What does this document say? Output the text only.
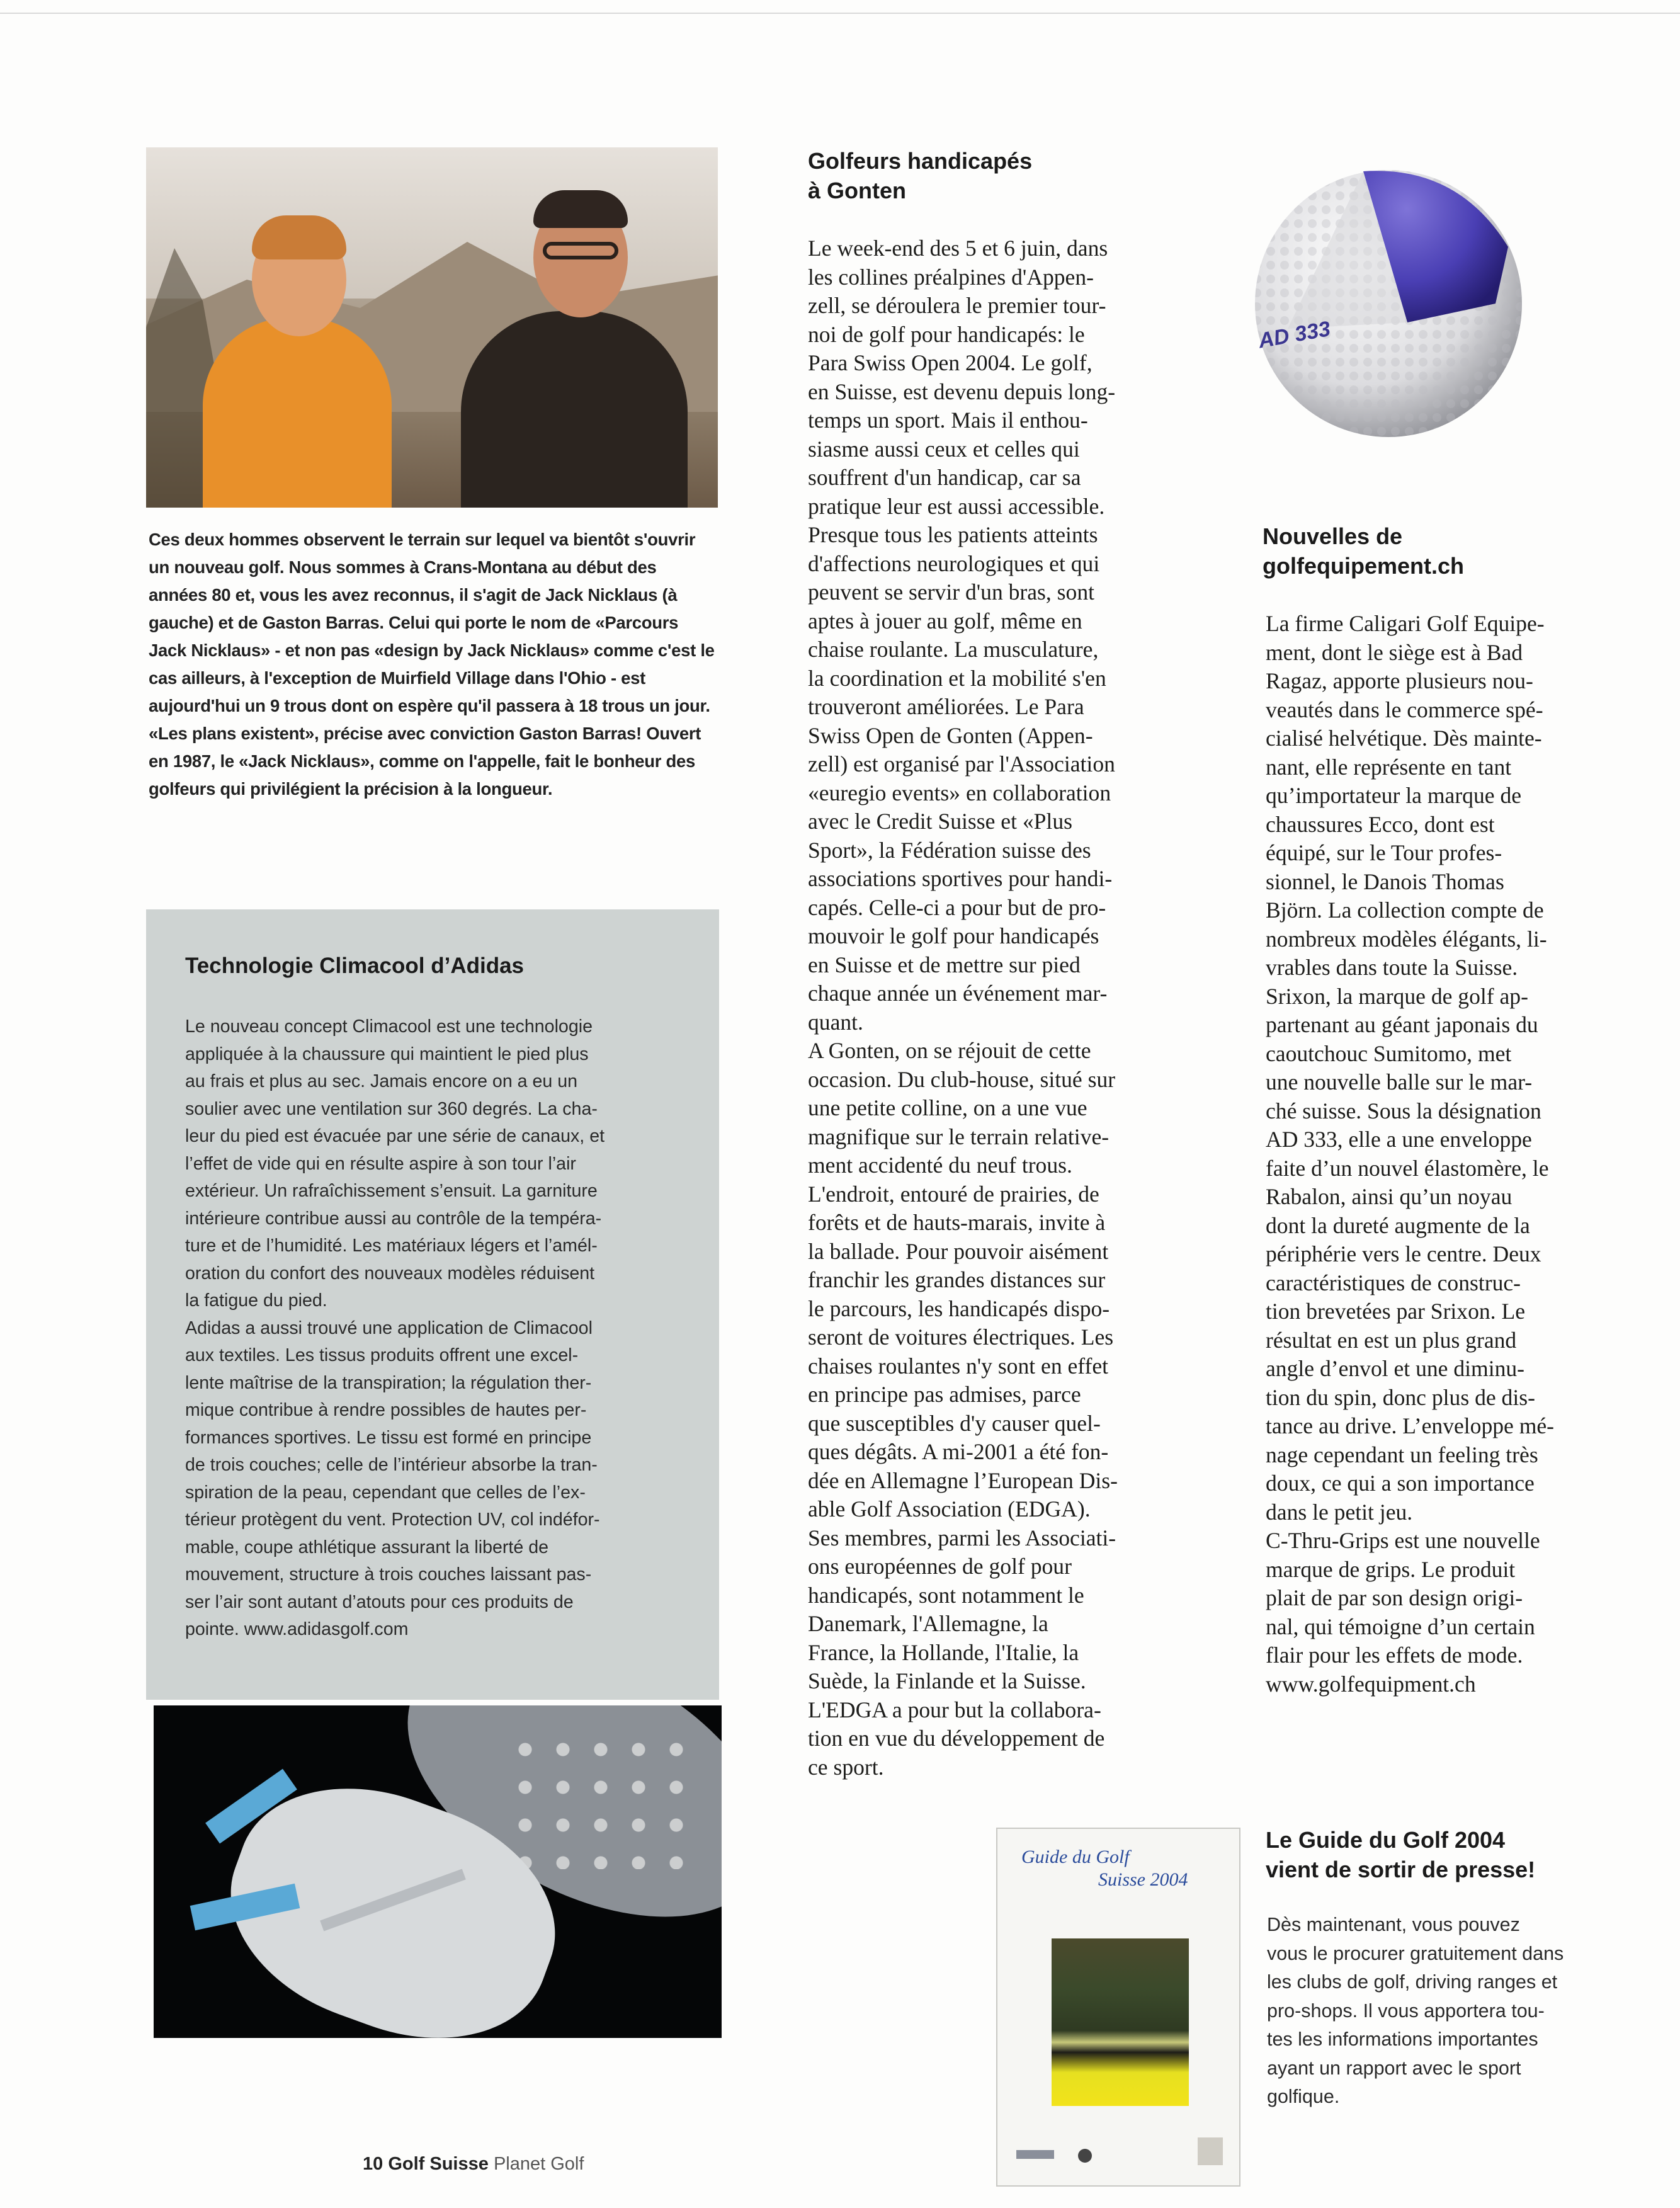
Ces deux hommes observent le terrain sur lequel va bientôt s'ouvrir un nouveau golf. Nous sommes à Crans-Montana au début des années 80 et, vous les avez reconnus, il s'agit de Jack Nicklaus (à gauche) et de Gaston Barras. Celui qui porte le nom de «Parcours Jack Nicklaus» - et non pas «design by Jack Nicklaus» comme c'est le cas ailleurs, à l'exception de Muirfield Village dans l'Ohio - est aujourd'hui un 9 trous dont on espère qu'il passera à 18 trous un jour. «Les plans existent», précise avec conviction Gaston Barras! Ouvert en 1987, le «Jack Nicklaus», comme on l'appelle, fait le bonheur des golfeurs qui privilégient la précision à la longueur.
Technologie Climacool d’Adidas
Le nouveau concept Climacool est une technologie
appliquée à la chaussure qui maintient le pied plus
au frais et plus au sec. Jamais encore on a eu un
soulier avec une ventilation sur 360 degrés. La cha-
leur du pied est évacuée par une série de canaux, et
l’effet de vide qui en résulte aspire à son tour l’air
extérieur. Un rafraîchissement s’ensuit. La garniture
intérieure contribue aussi au contrôle de la tempéra-
ture et de l’humidité. Les matériaux légers et l’amél-
oration du confort des nouveaux modèles réduisent
la fatigue du pied.
Adidas a aussi trouvé une application de Climacool
aux textiles. Les tissus produits offrent une excel-
lente maîtrise de la transpiration; la régulation ther-
mique contribue à rendre possibles de hautes per-
formances sportives. Le tissu est formé en principe
de trois couches; celle de l’intérieur absorbe la tran-
spiration de la peau, cependant que celles de l’ex-
térieur protègent du vent. Protection UV, col indéfor-
mable, coupe athlétique assurant la liberté de
mouvement, structure à trois couches laissant pas-
ser l’air sont autant d’atouts pour ces produits de
pointe. www.adidasgolf.com
Golfeurs handicapés
à Gonten
Le week-end des 5 et 6 juin, dans
les collines préalpines d'Appen-
zell, se déroulera le premier tour-
noi de golf pour handicapés: le
Para Swiss Open 2004. Le golf,
en Suisse, est devenu depuis long-
temps un sport. Mais il enthou-
siasme aussi ceux et celles qui
souffrent d'un handicap, car sa
pratique leur est aussi accessible.
Presque tous les patients atteints
d'affections neurologiques et qui
peuvent se servir d'un bras, sont
aptes à jouer au golf, même en
chaise roulante. La musculature,
la coordination et la mobilité s'en
trouveront améliorées. Le Para
Swiss Open de Gonten (Appen-
zell) est organisé par l'Association
«euregio events» en collaboration
avec le Credit Suisse et «Plus
Sport», la Fédération suisse des
associations sportives pour handi-
capés. Celle-ci a pour but de pro-
mouvoir le golf pour handicapés
en Suisse et de mettre sur pied
chaque année un événement mar-
quant.
A Gonten, on se réjouit de cette
occasion. Du club-house, situé sur
une petite colline, on a une vue
magnifique sur le terrain relative-
ment accidenté du neuf trous.
L'endroit, entouré de prairies, de
forêts et de hauts-marais, invite à
la ballade. Pour pouvoir aisément
franchir les grandes distances sur
le parcours, les handicapés dispo-
seront de voitures électriques. Les
chaises roulantes n'y sont en effet
en principe pas admises, parce
que susceptibles d'y causer quel-
ques dégâts. A mi-2001 a été fon-
dée en Allemagne l’European Dis-
able Golf Association (EDGA).
Ses membres, parmi les Associati-
ons européennes de golf pour
handicapés, sont notamment le
Danemark, l'Allemagne, la
France, la Hollande, l'Italie, la
Suède, la Finlande et la Suisse.
L'EDGA a pour but la collabora-
tion en vue du développement de
ce sport.
AD 333
Nouvelles de
golfequipement.ch
La firme Caligari Golf Equipe-
ment, dont le siège est à Bad
Ragaz, apporte plusieurs nou-
veautés dans le commerce spé-
cialisé helvétique. Dès mainte-
nant, elle représente en tant
qu’importateur la marque de
chaussures Ecco, dont est
équipé, sur le Tour profes-
sionnel, le Danois Thomas
Björn. La collection compte de
nombreux modèles élégants, li-
vrables dans toute la Suisse.
Srixon, la marque de golf ap-
partenant au géant japonais du
caoutchouc Sumitomo, met
une nouvelle balle sur le mar-
ché suisse. Sous la désignation
AD 333, elle a une enveloppe
faite d’un nouvel élastomère, le
Rabalon, ainsi qu’un noyau
dont la dureté augmente de la
périphérie vers le centre. Deux
caractéristiques de construc-
tion brevetées par Srixon. Le
résultat en est un plus grand
angle d’envol et une diminu-
tion du spin, donc plus de dis-
tance au drive. L’enveloppe mé-
nage cependant un feeling très
doux, ce qui a son importance
dans le petit jeu.
C-Thru-Grips est une nouvelle
marque de grips. Le produit
plait de par son design origi-
nal, qui témoigne d’un certain
flair pour les effets de mode.
www.golfequipment.ch
Guide du Golf
Suisse 2004
Le Guide du Golf 2004
vient de sortir de presse!
Dès maintenant, vous pouvez
vous le procurer gratuitement dans
les clubs de golf, driving ranges et
pro-shops. Il vous apportera tou-
tes les informations importantes
ayant un rapport avec le sport
golfique.
10 Golf Suisse Planet Golf
